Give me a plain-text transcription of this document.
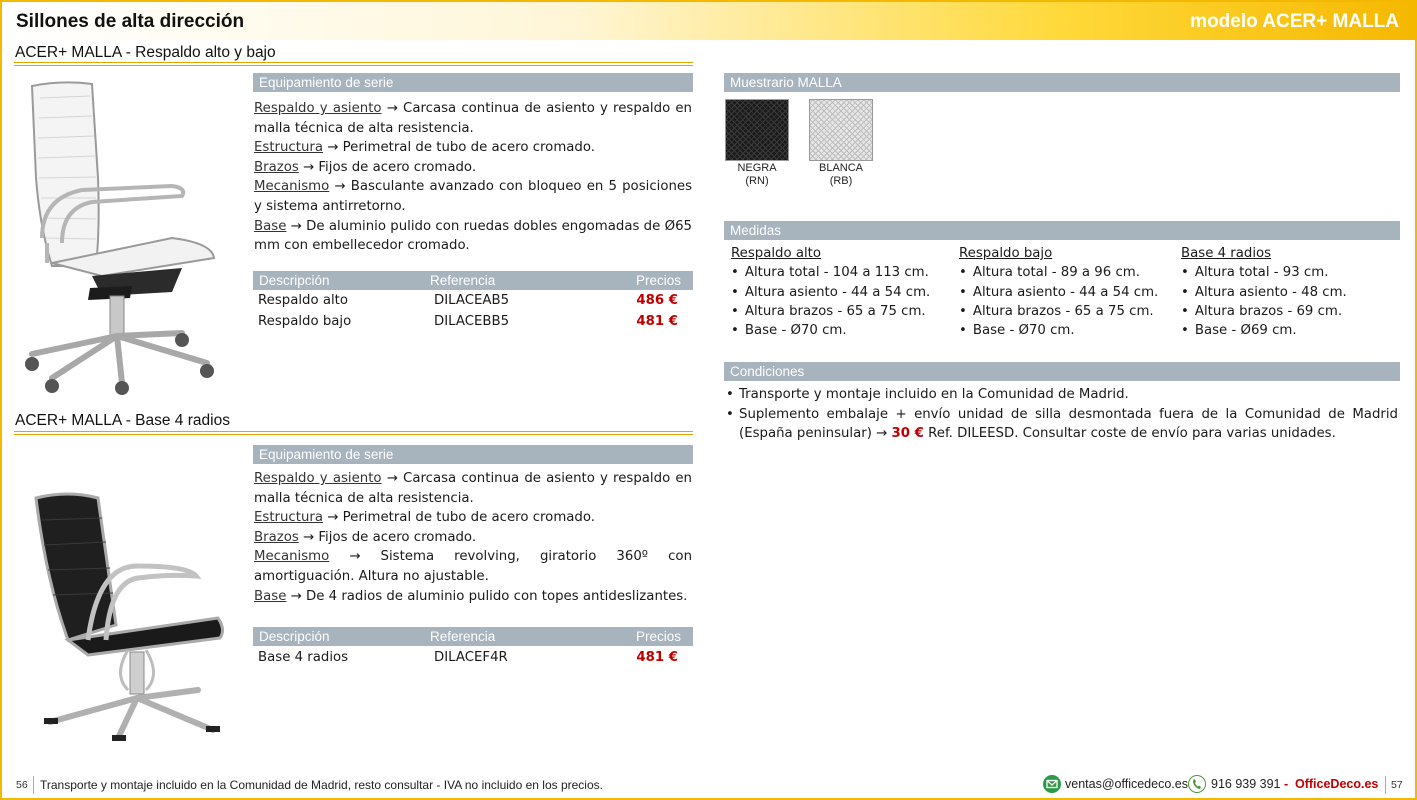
Sillones de alta dirección	modelo ACER+ MALLA
ACER+ MALLA - Respaldo alto y bajo
Equipamiento de serie

Respaldo y asiento → Carcasa continua de asiento y respaldo en malla técnica de alta resistencia.

Estructura → Perimetral de tubo de acero cromado.

Brazos → Fijos de acero cromado.

Mecanismo → Basculante avanzado con bloqueo en 5 posiciones y sistema antirretorno.

Base → De aluminio pulido con ruedas dobles engomadas de Ø65 mm con embellecedor cromado.

Descripción	Referencia	Precios
Respaldo alto	DILACEAB5	486 €
Respaldo bajo	DILACEBB5	481 €
ACER+ MALLA - Base 4 radios
Equipamiento de serie

Respaldo y asiento → Carcasa continua de asiento y respaldo en malla técnica de alta resistencia.

Estructura → Perimetral de tubo de acero cromado.

Brazos → Fijos de acero cromado.

Mecanismo → Sistema revolving, giratorio 360º con amortiguación. Altura no ajustable.

Base → De 4 radios de aluminio pulido con topes antideslizantes.

Descripción	Referencia	Precios
Base 4 radios	DILACEF4R	481 €
Muestrario MALLA
NEGRA
(RN)
BLANCA
(RB)
Medidas
Respaldo alto
• Altura total - 104 a 113 cm.
• Altura asiento - 44 a 54 cm.
• Altura brazos - 65 a 75 cm.
• Base - Ø70 cm.
Respaldo bajo
• Altura total - 89 a 96 cm.
• Altura asiento - 44 a 54 cm.
• Altura brazos - 65 a 75 cm.
• Base - Ø70 cm.
Base 4 radios
• Altura total - 93 cm.
• Altura asiento - 48 cm.
• Altura brazos - 69 cm.
• Base - Ø69 cm.
Condiciones
• Transporte y montaje incluido en la Comunidad de Madrid.
• Suplemento embalaje + envío unidad de silla desmontada fuera de la Comunidad de Madrid (España peninsular) → 30 € Ref. DILEESD. Consultar coste de envío para varias unidades.
56 Transporte y montaje incluido en la Comunidad de Madrid, resto consultar - IVA no incluido en los precios.	ventas@officedeco.es 916 939 391 - OfficeDeco.es 57
